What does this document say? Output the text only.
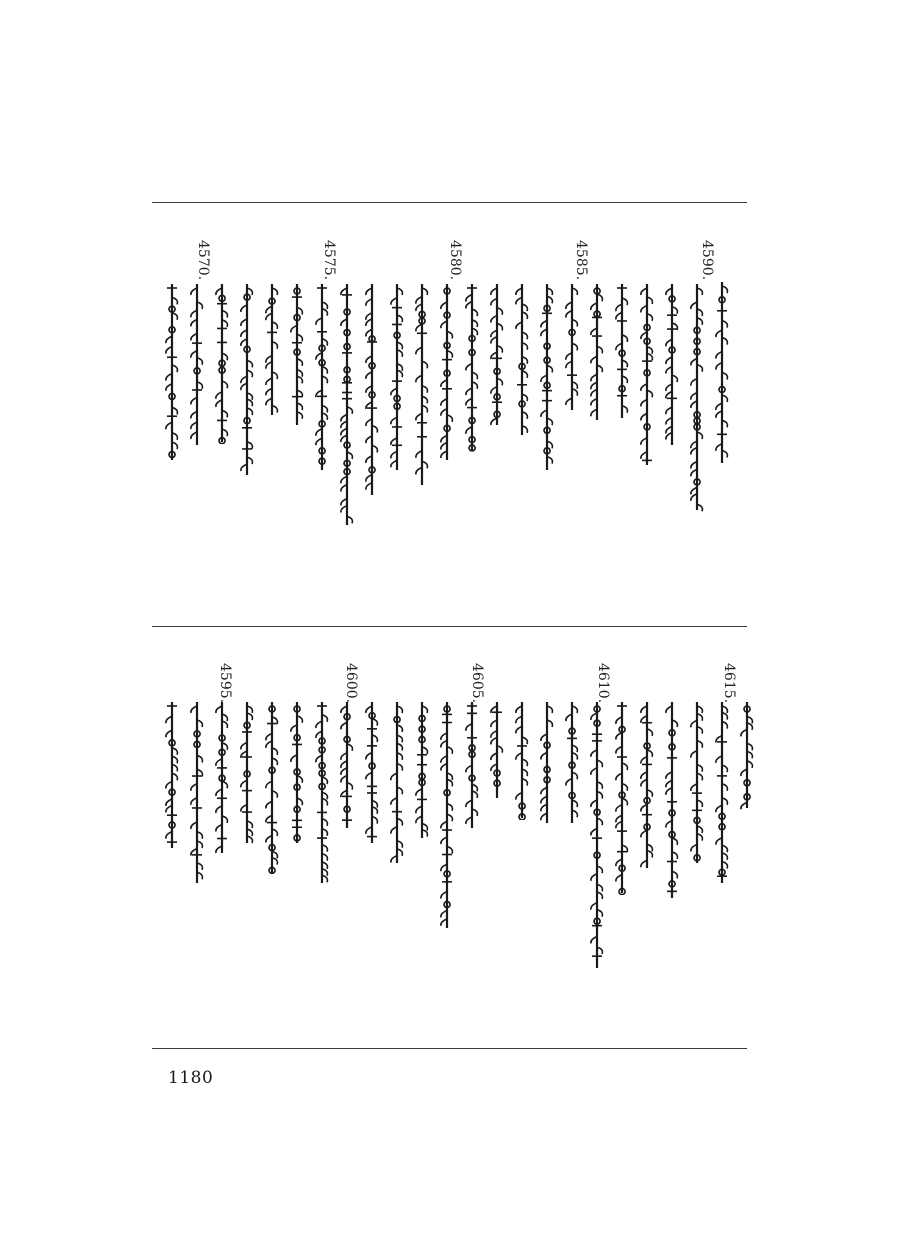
4590.
4585.
4580.
4575.
4570.
4615.
4610.
4605.
4600.
4595.
1180
